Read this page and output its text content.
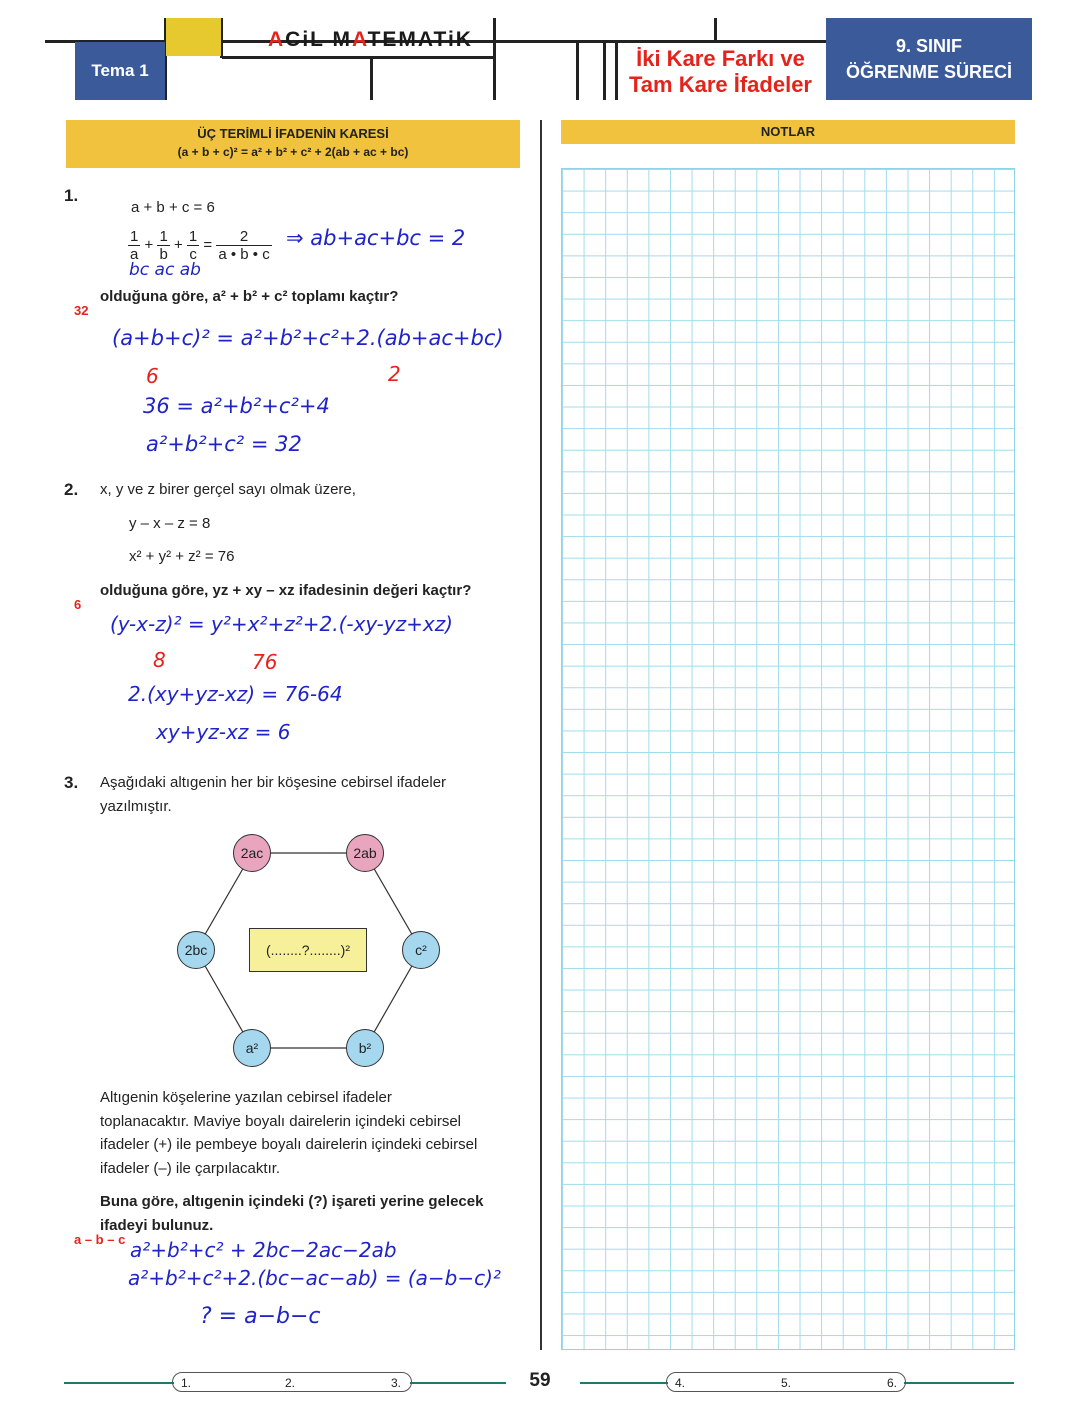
Tema 1
ACiL MATEMATiK
İki Kare Farkı ve
Tam Kare İfadeler
9. SINIF
ÖĞRENME SÜRECİ
ÜÇ TERİMLİ İFADENİN KARESİ
(a + b + c)² = a² + b² + c² + 2(ab + ac + bc)
NOTLAR
1.
a + b + c = 6
$\frac{1}{a} + \frac{1}{b} + \frac{1}{c} = \frac{2}{a • b • c}$ ⇒ ab+ac+bc = 2
bc ac ab
olduğuna göre, a² + b² + c² toplamı kaçtır?
32
(a+b+c)² = a²+b²+c²+2.(ab+ac+bc)
6	2
36 = a²+b²+c²+4
a²+b²+c² = 32
2. x, y ve z birer gerçel sayı olmak üzere,
y – x – z = 8
x² + y² + z² = 76
olduğuna göre, yz + xy – xz ifadesinin değeri kaçtır?
6
(y-x-z)² = y²+x²+z²+2.(-xy-yz+xz)
8	76
2.(xy+yz-xz) = 76-64
xy+yz-xz = 6
3. Aşağıdaki altıgenin her bir köşesine cebirsel ifadeler
yazılmıştır.
2ac	2ab
2bc	c²
a²	b²
(........?........)²
Altıgenin köşelerine yazılan cebirsel ifadeler
toplanacaktır. Maviye boyalı dairelerin içindeki cebirsel
ifadeler (+) ile pembeye boyalı dairelerin içindeki cebirsel
ifadeler (–) ile çarpılacaktır.
Buna göre, altıgenin içindeki (?) işareti yerine gelecek
ifadeyi bulunuz.
a – b – c a²+b²+c² + 2bc−2ac−2ab
a²+b²+c²+2.(bc−ac−ab) = (a−b−c)²
? = a−b−c
1.	2.	3.	59	4.	5.	6.
